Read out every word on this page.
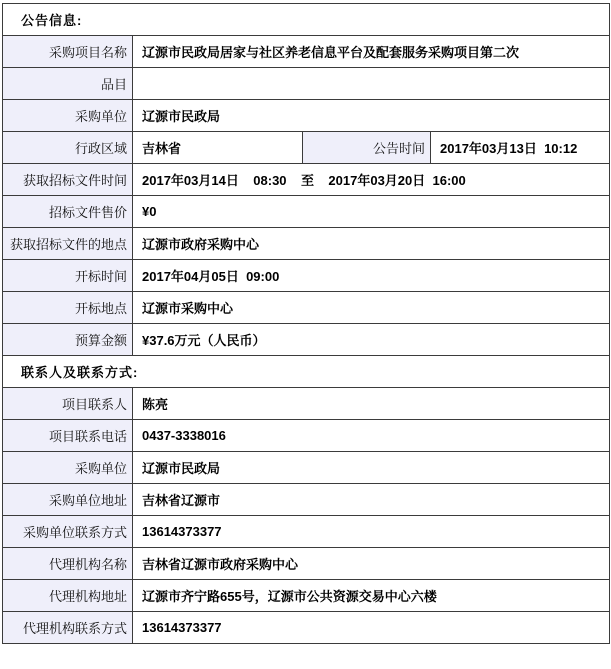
公告信息:			
采购项目名称	辽源市民政局居家与社区养老信息平台及配套服务采购项目第二次		
品目			
采购单位	辽源市民政局		
行政区域	吉林省	公告时间	2017年03月13日  10:12
获取招标文件时间	2017年03月14日    08:30    至    2017年03月20日  16:00		
招标文件售价	¥0		
获取招标文件的地点	辽源市政府采购中心		
开标时间	2017年04月05日  09:00		
开标地点	辽源市采购中心		
预算金额	¥37.6万元（人民币）		
联系人及联系方式:			
项目联系人	陈亮		
项目联系电话	0437-3338016		
采购单位	辽源市民政局		
采购单位地址	吉林省辽源市		
采购单位联系方式	13614373377		
代理机构名称	吉林省辽源市政府采购中心		
代理机构地址	辽源市齐宁路655号，辽源市公共资源交易中心六楼		
代理机构联系方式	13614373377		
